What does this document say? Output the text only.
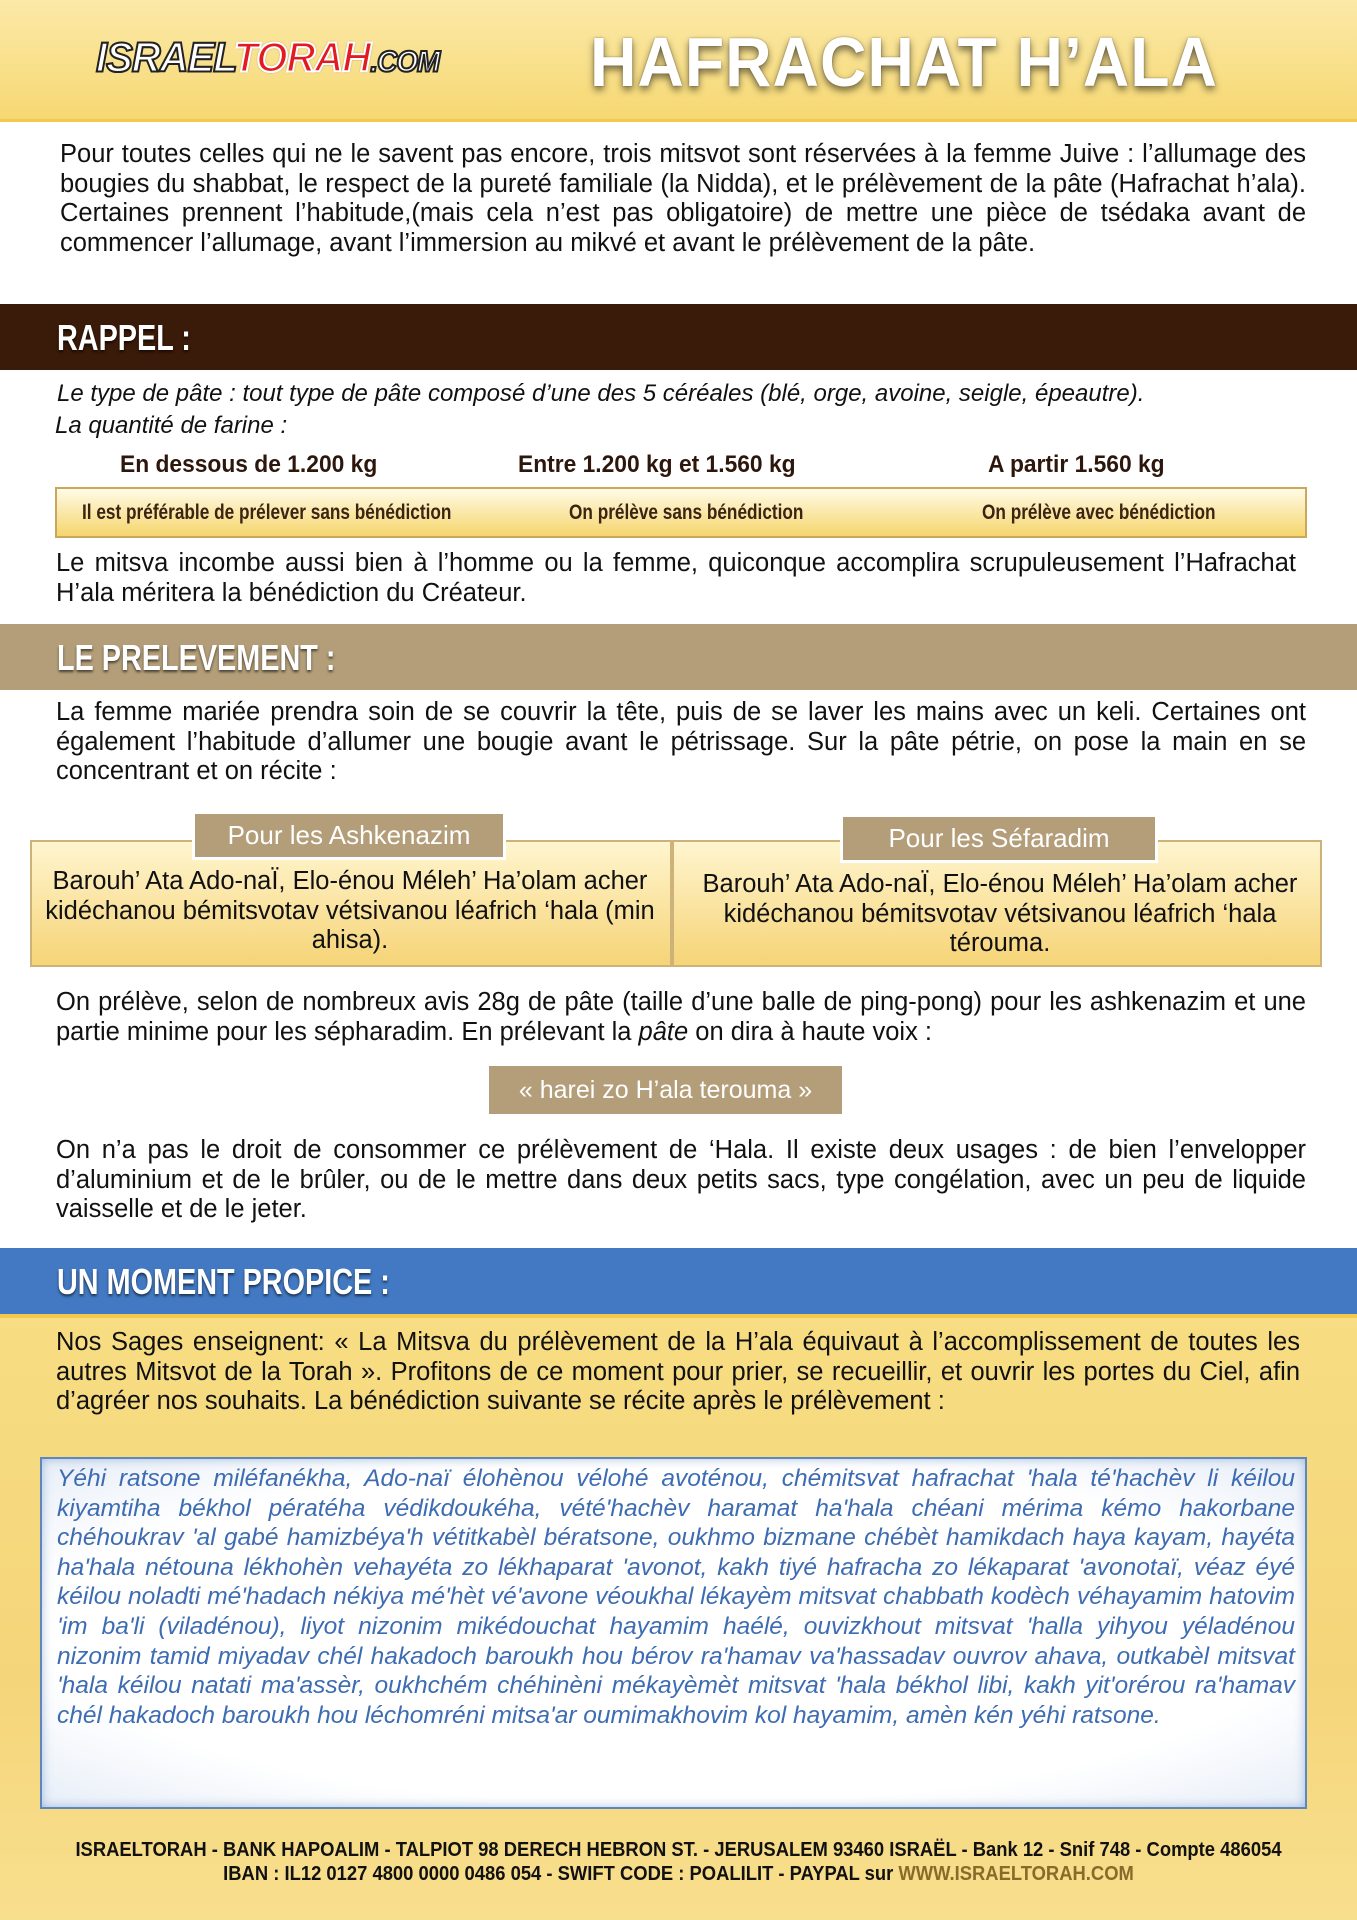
ISRAELTORAH.COM HAFRACHAT H’ALA
Pour toutes celles qui ne le savent pas encore, trois mitsvot sont réservées à la femme Juive : l’allumage des bougies du shabbat, le respect de la pureté familiale (la Nidda), et le prélèvement de la pâte (Hafrachat h’ala). Certaines prennent l’habitude,(mais cela n’est pas obligatoire) de mettre une pièce de tsédaka avant de commencer l’allumage, avant l’immersion au mikvé et avant le prélèvement de la pâte.
RAPPEL :
Le type de pâte : tout type de pâte composé d’une des 5 céréales (blé, orge, avoine, seigle, épeautre).
La quantité de farine :
En dessous de 1.200 kg	Entre 1.200 kg et 1.560 kg	A partir 1.560 kg
Il est préférable de prélever sans bénédiction	On prélève sans bénédiction	On prélève avec bénédiction
Le mitsva incombe aussi bien à l’homme ou la femme, quiconque accomplira scrupuleusement l’Hafrachat H’ala méritera la bénédiction du Créateur.
LE PRELEVEMENT :
La femme mariée prendra soin de se couvrir la tête, puis de se laver les mains avec un keli. Certaines ont également l’habitude d’allumer une bougie avant le pétrissage. Sur la pâte pétrie, on pose la main en se concentrant et on récite :
Pour les Ashkenazim	Pour les Séfaradim
Barouh’ Ata Ado-naÏ, Elo-énou Méleh’ Ha’olam acher kidéchanou bémitsvotav vétsivanou léafrich ‘hala (min ahisa).
Barouh’ Ata Ado-naÏ, Elo-énou Méleh’ Ha’olam acher kidéchanou bémitsvotav vétsivanou léafrich ‘hala térouma.
On prélève, selon de nombreux avis 28g de pâte (taille d’une balle de ping-pong) pour les ashkenazim et une partie minime pour les sépharadim. En prélevant la pâte on dira à haute voix :
« harei zo H’ala terouma »
On n’a pas le droit de consommer ce prélèvement de ‘Hala. Il existe deux usages : de bien l’envelopper d’aluminium et de le brûler, ou de le mettre dans deux petits sacs, type congélation, avec un peu de liquide vaisselle et de le jeter.
UN MOMENT PROPICE :
Nos Sages enseignent: « La Mitsva du prélèvement de la H’ala équivaut à l’accomplissement de toutes les autres Mitsvot de la Torah ». Profitons de ce moment pour prier, se recueillir, et ouvrir les portes du Ciel, afin d’agréer nos souhaits. La bénédiction suivante se récite après le prélèvement :
Yéhi ratsone miléfanékha, Ado-naï élohènou vélohé avoténou, chémitsvat hafrachat 'hala té'hachèv li kéilou kiyamtiha békhol pératéha védikdoukéha, vété'hachèv haramat ha'hala chéani mérima kémo hakorbane chéhoukrav 'al gabé hamizbéya'h vétitkabèl bératsone, oukhmo bizmane chébèt hamikdach haya kayam, hayéta ha'hala nétouna lékhohèn vehayéta zo lékhaparat 'avonot, kakh tiyé hafracha zo lékaparat 'avonotaï, véaz éyé kéilou noladti mé'hadach nékiya mé'hèt vé'avone véoukhal lékayèm mitsvat chabbath kodèch véhayamim hatovim 'im ba'li (viladénou), liyot nizonim mikédouchat hayamim haélé, ouvizkhout mitsvat 'halla yihyou yéladénou nizonim tamid miyadav chél hakadoch baroukh hou bérov ra'hamav va'hassadav ouvrov ahava, outkabèl mitsvat 'hala kéilou natati ma'assèr, oukhchém chéhinèni mékayèmèt mitsvat 'hala békhol libi, kakh yit'orérou ra'hamav chél hakadoch baroukh hou léchomréni mitsa'ar oumimakhovim kol hayamim, amèn kén yéhi ratsone.
ISRAELTORAH - BANK HAPOALIM - TALPIOT 98 DERECH HEBRON ST. - JERUSALEM 93460 ISRAËL - Bank 12 - Snif 748 - Compte 486054
IBAN : IL12 0127 4800 0000 0486 054 - SWIFT CODE : POALILIT - PAYPAL sur WWW.ISRAELTORAH.COM
